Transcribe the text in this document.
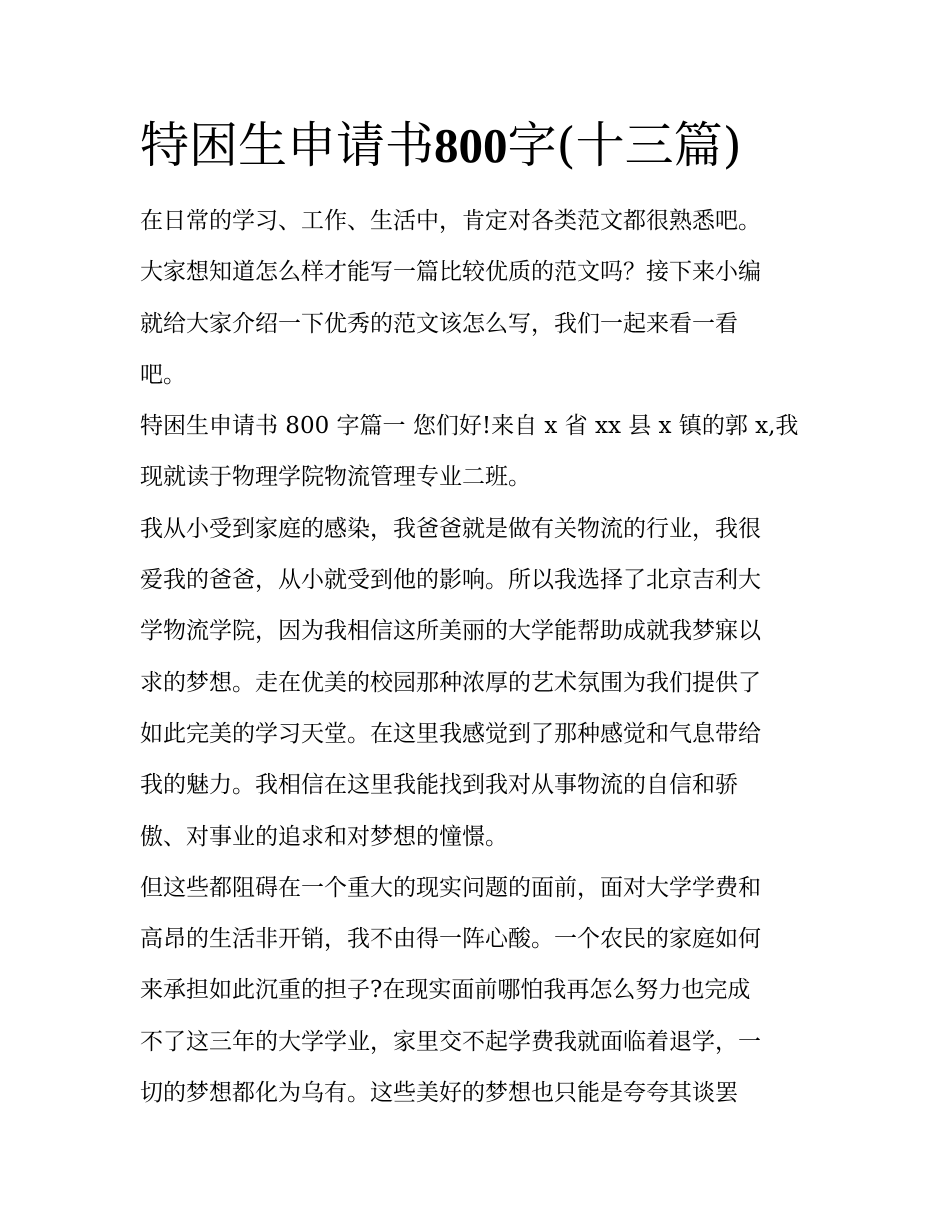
特困生申请书800字(十三篇)
在日常的学习、工作、生活中，肯定对各类范文都很熟悉吧。
大家想知道怎么样才能写一篇比较优质的范文吗？接下来小编
就给大家介绍一下优秀的范文该怎么写，我们一起来看一看
吧。
特困生申请书 800 字篇一 您们好!来自 x 省 xx 县 x 镇的郭 x,我
现就读于物理学院物流管理专业二班。
我从小受到家庭的感染，我爸爸就是做有关物流的行业，我很
爱我的爸爸，从小就受到他的影响。所以我选择了北京吉利大
学物流学院，因为我相信这所美丽的大学能帮助成就我梦寐以
求的梦想。走在优美的校园那种浓厚的艺术氛围为我们提供了
如此完美的学习天堂。在这里我感觉到了那种感觉和气息带给
我的魅力。我相信在这里我能找到我对从事物流的自信和骄
傲、对事业的追求和对梦想的憧憬。
但这些都阻碍在一个重大的现实问题的面前，面对大学学费和
高昂的生活非开销，我不由得一阵心酸。一个农民的家庭如何
来承担如此沉重的担子?在现实面前哪怕我再怎么努力也完成
不了这三年的大学学业，家里交不起学费我就面临着退学，一
切的梦想都化为乌有。这些美好的梦想也只能是夸夸其谈罢
